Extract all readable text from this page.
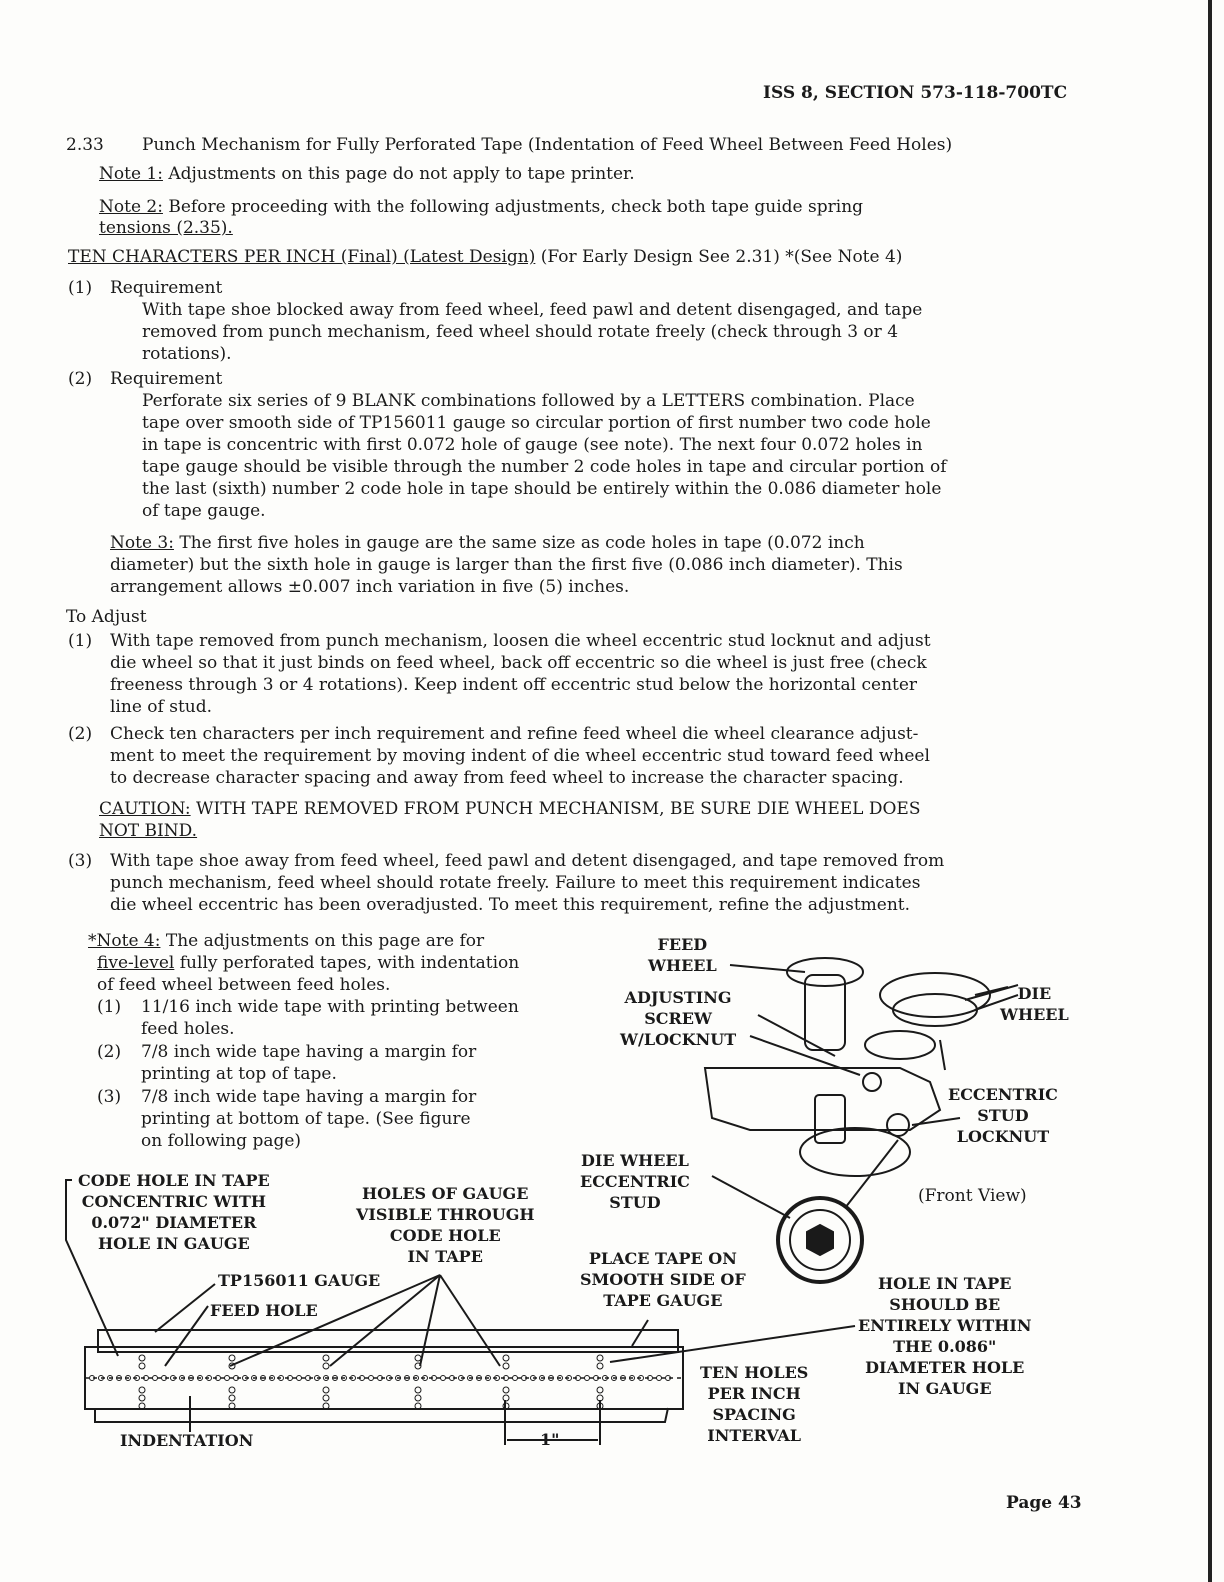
ISS 8, SECTION 573-118-700TC
2.33 Punch Mechanism for Fully Perforated Tape (Indentation of Feed Wheel Between Feed Holes)
Note 1: Adjustments on this page do not apply to tape printer.
Note 2: Before proceeding with the following adjustments, check both tape guide spring
tensions (2.35).
TEN CHARACTERS PER INCH (Final) (Latest Design) (For Early Design See 2.31) *(See Note 4)
(1) Requirement
With tape shoe blocked away from feed wheel, feed pawl and detent disengaged, and tape
removed from punch mechanism, feed wheel should rotate freely (check through 3 or 4
rotations).
(2) Requirement
Perforate six series of 9 BLANK combinations followed by a LETTERS combination. Place
tape over smooth side of TP156011 gauge so circular portion of first number two code hole
in tape is concentric with first 0.072 hole of gauge (see note). The next four 0.072 holes in
tape gauge should be visible through the number 2 code holes in tape and circular portion of
the last (sixth) number 2 code hole in tape should be entirely within the 0.086 diameter hole
of tape gauge.
Note 3: The first five holes in gauge are the same size as code holes in tape (0.072 inch
diameter) but the sixth hole in gauge is larger than the first five (0.086 inch diameter). This
arrangement allows ±0.007 inch variation in five (5) inches.
To Adjust
(1) With tape removed from punch mechanism, loosen die wheel eccentric stud locknut and adjust
die wheel so that it just binds on feed wheel, back off eccentric so die wheel is just free (check
freeness through 3 or 4 rotations). Keep indent off eccentric stud below the horizontal center
line of stud.
(2) Check ten characters per inch requirement and refine feed wheel die wheel clearance adjust-
ment to meet the requirement by moving indent of die wheel eccentric stud toward feed wheel
to decrease character spacing and away from feed wheel to increase the character spacing.
CAUTION: WITH TAPE REMOVED FROM PUNCH MECHANISM, BE SURE DIE WHEEL DOES
NOT BIND.
(3) With tape shoe away from feed wheel, feed pawl and detent disengaged, and tape removed from
punch mechanism, feed wheel should rotate freely. Failure to meet this requirement indicates
die wheel eccentric has been overadjusted. To meet this requirement, refine the adjustment.
*Note 4: The adjustments on this page are for
five-level fully perforated tapes, with indentation
of feed wheel between feed holes.
(1) 11/16 inch wide tape with printing between
feed holes.
(2) 7/8 inch wide tape having a margin for
printing at top of tape.
(3) 7/8 inch wide tape having a margin for
printing at bottom of tape. (See figure
on following page)
FEED
WHEEL
ADJUSTING
SCREW
W/LOCKNUT
DIE
WHEEL
ECCENTRIC
STUD
LOCKNUT
DIE WHEEL
ECCENTRIC
STUD	(Front View)
CODE HOLE IN TAPE
CONCENTRIC WITH
0.072" DIAMETER
HOLE IN GAUGE
HOLES OF GAUGE
VISIBLE THROUGH
CODE HOLE
IN TAPE	PLACE TAPE ON
SMOOTH SIDE OF
TAPE GAUGE
TP156011 GAUGE
FEED HOLE
HOLE IN TAPE
SHOULD BE
ENTIRELY WITHIN
THE 0.086"
DIAMETER HOLE
IN GAUGE
TEN HOLES
PER INCH
SPACING
INTERVAL
INDENTATION	1"
Page 43
